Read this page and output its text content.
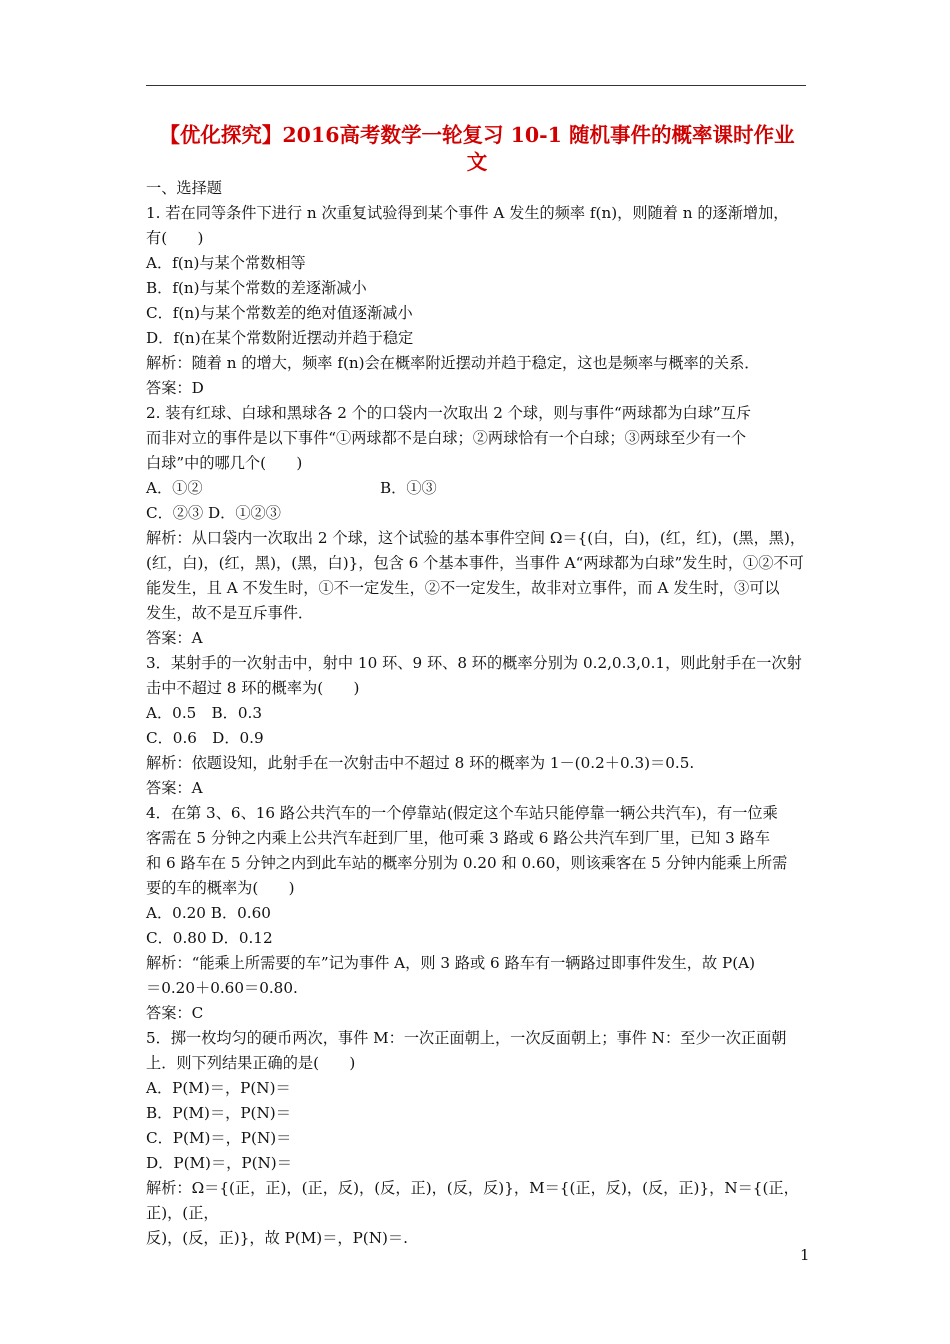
【优化探究】2016高考数学一轮复习 10-1 随机事件的概率课时作业
文

一、选择题

1. 若在同等条件下进行 n 次重复试验得到某个事件 A 发生的频率 f(n)，则随着 n 的逐渐增加，

有(　　)

A．f(n)与某个常数相等

B．f(n)与某个常数的差逐渐减小

C．f(n)与某个常数差的绝对值逐渐减小

D．f(n)在某个常数附近摆动并趋于稳定

解析：随着 n 的增大，频率 f(n)会在概率附近摆动并趋于稳定，这也是频率与概率的关系．

答案：D

2. 装有红球、白球和黑球各 2 个的口袋内一次取出 2 个球，则与事件“两球都为白球”互斥

而非对立的事件是以下事件“①两球都不是白球；②两球恰有一个白球；③两球至少有一个

白球”中的哪几个(　　)

A．①②	B．①③

C．②③ D．①②③

解析：从口袋内一次取出 2 个球，这个试验的基本事件空间 Ω＝{(白，白)，(红，红)，(黑，黑)，

(红，白)，(红，黑)，(黑，白)}，包含 6 个基本事件，当事件 A“两球都为白球”发生时，①②不可

能发生，且 A 不发生时，①不一定发生，②不一定发生，故非对立事件，而 A 发生时，③可以

发生，故不是互斥事件．

答案：A

3．某射手的一次射击中，射中 10 环、9 环、8 环的概率分别为 0.2,0.3,0.1，则此射手在一次射

击中不超过 8 环的概率为(　　)

A．0.5　B．0.3

C．0.6　D．0.9

解析：依题设知，此射手在一次射击中不超过 8 环的概率为 1－(0.2＋0.3)＝0.5.

答案：A

4．在第 3、6、16 路公共汽车的一个停靠站(假定这个车站只能停靠一辆公共汽车)，有一位乘

客需在 5 分钟之内乘上公共汽车赶到厂里，他可乘 3 路或 6 路公共汽车到厂里，已知 3 路车

和 6 路车在 5 分钟之内到此车站的概率分别为 0.20 和 0.60，则该乘客在 5 分钟内能乘上所需

要的车的概率为(　　)

A．0.20 B．0.60

C．0.80 D．0.12

解析：“能乘上所需要的车”记为事件 A，则 3 路或 6 路车有一辆路过即事件发生，故 P(A)

＝0.20＋0.60＝0.80.

答案：C

5．掷一枚均匀的硬币两次，事件 M：一次正面朝上，一次反面朝上；事件 N：至少一次正面朝

上．则下列结果正确的是(　　)

A．P(M)＝，P(N)＝

B．P(M)＝，P(N)＝

C．P(M)＝，P(N)＝

D．P(M)＝，P(N)＝

解析：Ω＝{(正，正)，(正，反)，(反，正)，(反，反)}，M＝{(正，反)，(反，正)}，N＝{(正，正)，(正，

反)，(反，正)}，故 P(M)＝，P(N)＝.

1
